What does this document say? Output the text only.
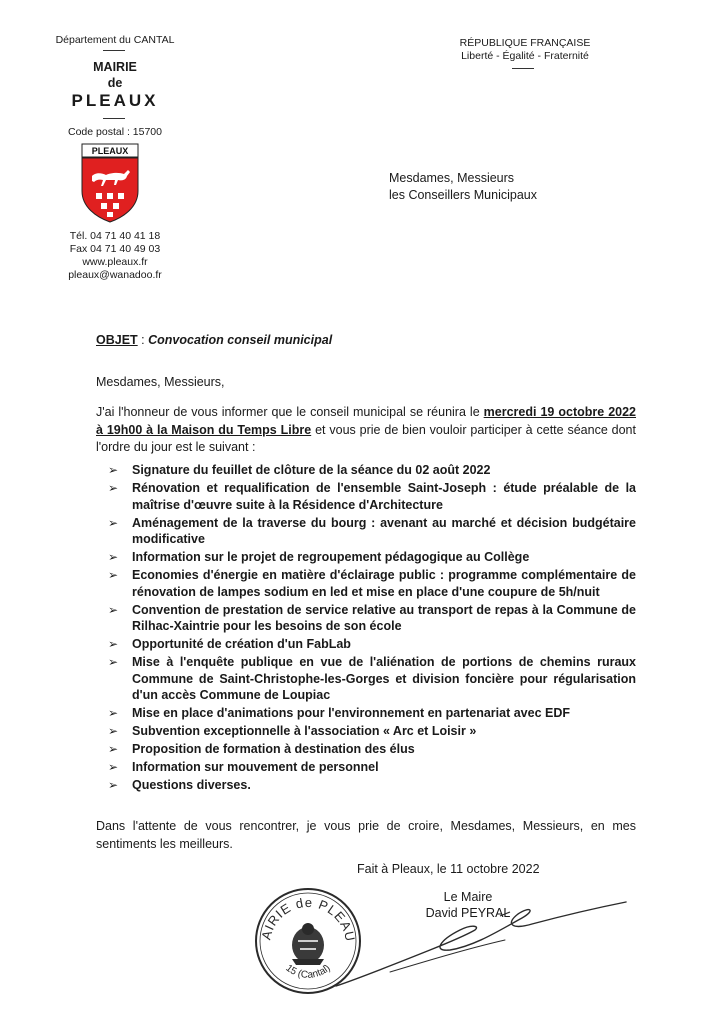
Département du CANTAL
MAIRIE
de
PLEAUX
Code postal : 15700
PLEAUX
Tél. 04 71 40 41 18
Fax 04 71 40 49 03
www.pleaux.fr
pleaux@wanadoo.fr
RÉPUBLIQUE FRANÇAISE
Liberté - Égalité - Fraternité
Mesdames, Messieurs
les Conseillers Municipaux
OBJET : Convocation conseil municipal
Mesdames, Messieurs,
J'ai l'honneur de vous informer que le conseil municipal se réunira le mercredi 19 octobre 2022 à 19h00 à la Maison du Temps Libre et vous prie de bien vouloir participer à cette séance dont l'ordre du jour est le suivant :
➢ Signature du feuillet de clôture de la séance du 02 août 2022
➢ Rénovation et requalification de l'ensemble Saint-Joseph : étude préalable de la maîtrise d'œuvre suite à la Résidence d'Architecture
➢ Aménagement de la traverse du bourg : avenant au marché et décision budgétaire modificative
➢ Information sur le projet de regroupement pédagogique au Collège
➢ Economies d'énergie en matière d'éclairage public : programme complémentaire de rénovation de lampes sodium en led et mise en place d'une coupure de 5h/nuit
➢ Convention de prestation de service relative au transport de repas à la Commune de Rilhac-Xaintrie pour les besoins de son école
➢ Opportunité de création d'un FabLab
➢ Mise à l'enquête publique en vue de l'aliénation de portions de chemins ruraux Commune de Saint-Christophe-les-Gorges et division foncière pour régularisation d'un accès Commune de Loupiac
➢ Mise en place d'animations pour l'environnement en partenariat avec EDF
➢ Subvention exceptionnelle à l'association « Arc et Loisir »
➢ Proposition de formation à destination des élus
➢ Information sur mouvement de personnel
➢ Questions diverses.
Dans l'attente de vous rencontrer, je vous prie de croire, Mesdames, Messieurs, en mes sentiments les meilleurs.
Fait à Pleaux, le 11 octobre 2022
AIRIE de PLEAU
15 (Cantal)
Le Maire
David PEYRAL
